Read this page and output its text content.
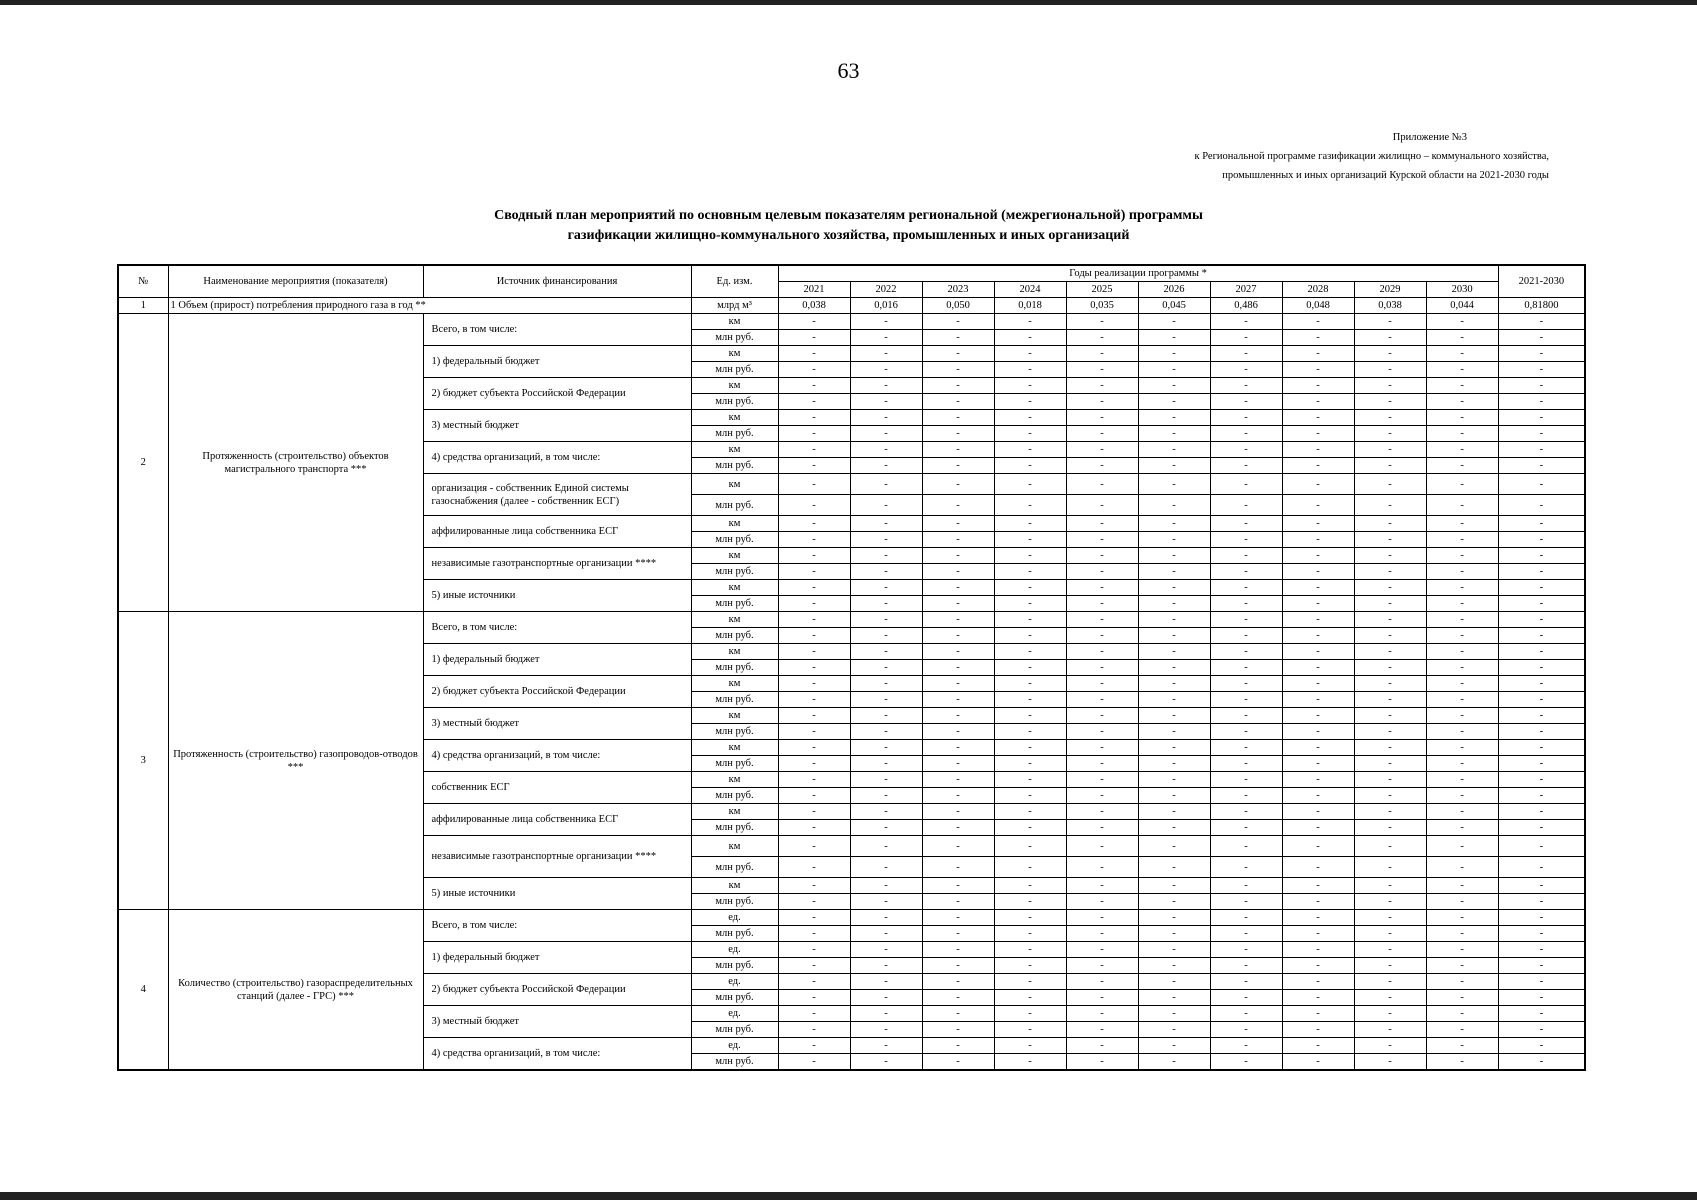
63
Приложение №3
к Региональной программе газификации жилищно – коммунального хозяйства,
промышленных и иных организаций Курской области на 2021-2030 годы
Сводный план мероприятий по основным целевым показателям региональной (межрегиональной) программы
газификации жилищно-коммунального хозяйства, промышленных и иных организаций
№	Наименование мероприятия (показателя)	Источник финансирования	Ед. изм.	Годы реализации программы *										2021-2030
				2021	2022	2023	2024	2025	2026	2027	2028	2029	2030	
1	1 Объем (прирост) потребления природного газа в год **		млрд м³	0,038	0,016	0,050	0,018	0,035	0,045	0,486	0,048	0,038	0,044	0,81800
2	Протяженность (строительство) объектов магистрального транспорта ***	Всего, в том числе:	км	-	-	-	-	-	-	-	-	-	-	-
			млн руб.	-	-	-	-	-	-	-	-	-	-	-
		1) федеральный бюджет	км	-	-	-	-	-	-	-	-	-	-	-
			млн руб.	-	-	-	-	-	-	-	-	-	-	-
		2) бюджет субъекта Российской Федерации	км	-	-	-	-	-	-	-	-	-	-	-
			млн руб.	-	-	-	-	-	-	-	-	-	-	-
		3) местный бюджет	км	-	-	-	-	-	-	-	-	-	-	-
			млн руб.	-	-	-	-	-	-	-	-	-	-	-
		4) средства организаций, в том числе:	км	-	-	-	-	-	-	-	-	-	-	-
			млн руб.	-	-	-	-	-	-	-	-	-	-	-
		организация - собственник Единой системы газоснабжения (далее - собственник ЕСГ)	км	-	-	-	-	-	-	-	-	-	-	-
			млн руб.	-	-	-	-	-	-	-	-	-	-	-
		аффилированные лица собственника ЕСГ	км	-	-	-	-	-	-	-	-	-	-	-
			млн руб.	-	-	-	-	-	-	-	-	-	-	-
		независимые газотранспортные организации ****	км	-	-	-	-	-	-	-	-	-	-	-
			млн руб.	-	-	-	-	-	-	-	-	-	-	-
		5) иные источники	км	-	-	-	-	-	-	-	-	-	-	-
			млн руб.	-	-	-	-	-	-	-	-	-	-	-
3	Протяженность (строительство) газопроводов-отводов ***	Всего, в том числе:	км	-	-	-	-	-	-	-	-	-	-	-
			млн руб.	-	-	-	-	-	-	-	-	-	-	-
		1) федеральный бюджет	км	-	-	-	-	-	-	-	-	-	-	-
			млн руб.	-	-	-	-	-	-	-	-	-	-	-
		2) бюджет субъекта Российской Федерации	км	-	-	-	-	-	-	-	-	-	-	-
			млн руб.	-	-	-	-	-	-	-	-	-	-	-
		3) местный бюджет	км	-	-	-	-	-	-	-	-	-	-	-
			млн руб.	-	-	-	-	-	-	-	-	-	-	-
		4) средства организаций, в том числе:	км	-	-	-	-	-	-	-	-	-	-	-
			млн руб.	-	-	-	-	-	-	-	-	-	-	-
		собственник ЕСГ	км	-	-	-	-	-	-	-	-	-	-	-
			млн руб.	-	-	-	-	-	-	-	-	-	-	-
		аффилированные лица собственника ЕСГ	км	-	-	-	-	-	-	-	-	-	-	-
			млн руб.	-	-	-	-	-	-	-	-	-	-	-
		независимые газотранспортные организации ****	км	-	-	-	-	-	-	-	-	-	-	-
			млн руб.	-	-	-	-	-	-	-	-	-	-	-
		5) иные источники	км	-	-	-	-	-	-	-	-	-	-	-
			млн руб.	-	-	-	-	-	-	-	-	-	-	-
4	Количество (строительство) газораспределительных станций (далее - ГРС) ***	Всего, в том числе:	ед.	-	-	-	-	-	-	-	-	-	-	-
			млн руб.	-	-	-	-	-	-	-	-	-	-	-
		1) федеральный бюджет	ед.	-	-	-	-	-	-	-	-	-	-	-
			млн руб.	-	-	-	-	-	-	-	-	-	-	-
		2) бюджет субъекта Российской Федерации	ед.	-	-	-	-	-	-	-	-	-	-	-
			млн руб.	-	-	-	-	-	-	-	-	-	-	-
		3) местный бюджет	ед.	-	-	-	-	-	-	-	-	-	-	-
			млн руб.	-	-	-	-	-	-	-	-	-	-	-
		4) средства организаций, в том числе:	ед.	-	-	-	-	-	-	-	-	-	-	-
			млн руб.	-	-	-	-	-	-	-	-	-	-	-
